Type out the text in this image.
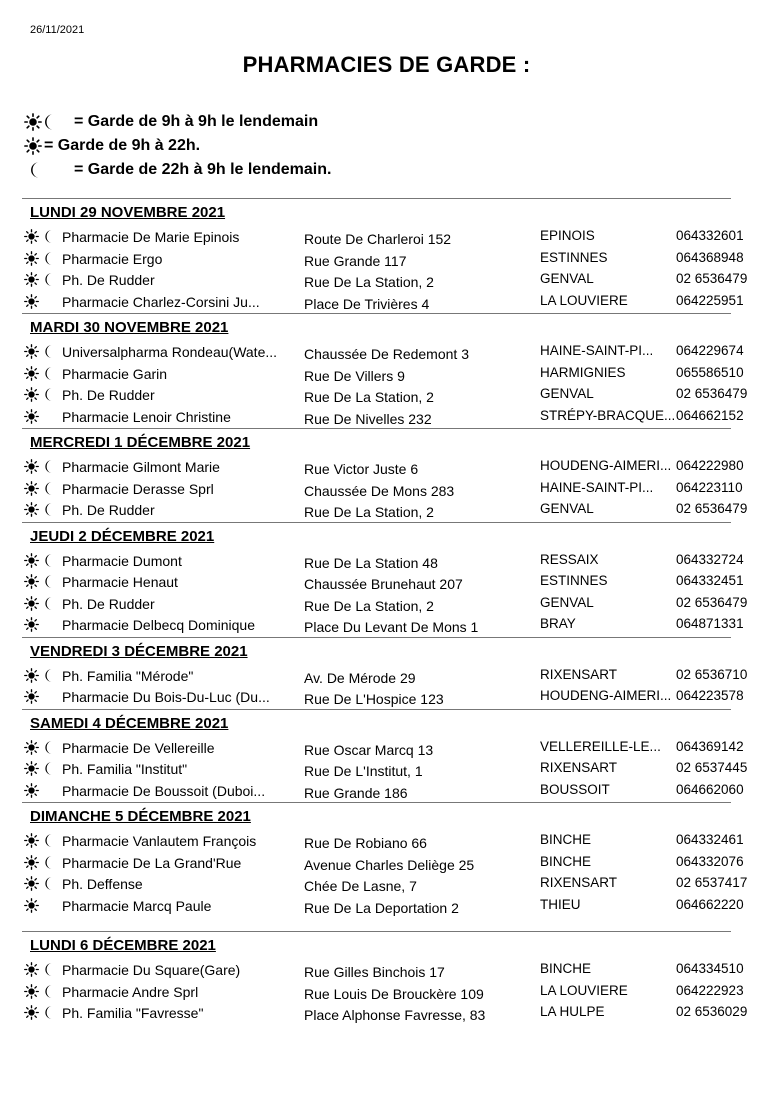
26/11/2021
PHARMACIES DE GARDE :
= Garde de 9h à 9h le lendemain
= Garde de 9h à 22h.
= Garde de 22h à 9h le lendemain.
LUNDI 29 NOVEMBRE 2021
Pharmacie De Marie Epinois	Route De Charleroi 152	EPINOIS	064332601
Pharmacie Ergo	Rue Grande 117	ESTINNES	064368948
Ph. De Rudder	Rue De La Station, 2	GENVAL	02 6536479
Pharmacie Charlez-Corsini Ju...	Place De Trivières 4	LA LOUVIERE	064225951
MARDI 30 NOVEMBRE 2021
Universalpharma Rondeau(Wate...	Chaussée De Redemont 3	HAINE-SAINT-PI...	064229674
Pharmacie Garin	Rue De Villers 9	HARMIGNIES	065586510
Ph. De Rudder	Rue De La Station, 2	GENVAL	02 6536479
Pharmacie Lenoir Christine	Rue De Nivelles 232	STRÉPY-BRACQUE... 064662152
MERCREDI 1 DÉCEMBRE 2021
Pharmacie Gilmont Marie	Rue Victor Juste 6	HOUDENG-AIMERI... 064222980
Pharmacie Derasse Sprl	Chaussée De Mons 283	HAINE-SAINT-PI...	064223110
Ph. De Rudder	Rue De La Station, 2	GENVAL	02 6536479
JEUDI 2 DÉCEMBRE 2021
Pharmacie Dumont	Rue De La Station 48	RESSAIX	064332724
Pharmacie Henaut	Chaussée Brunehaut 207	ESTINNES	064332451
Ph. De Rudder	Rue De La Station, 2	GENVAL	02 6536479
Pharmacie Delbecq Dominique	Place Du Levant De Mons 1	BRAY	064871331
VENDREDI 3 DÉCEMBRE 2021
Ph. Familia "Mérode"	Av. De Mérode 29	RIXENSART	02 6536710
Pharmacie Du Bois-Du-Luc (Du...	Rue De L'Hospice 123	HOUDENG-AIMERI... 064223578
SAMEDI 4 DÉCEMBRE 2021
Pharmacie De Vellereille	Rue Oscar Marcq 13	VELLEREILLE-LE...	064369142
Ph. Familia "Institut"	Rue De L'Institut, 1	RIXENSART	02 6537445
Pharmacie De Boussoit (Duboi...	Rue Grande 186	BOUSSOIT	064662060
DIMANCHE 5 DÉCEMBRE 2021
Pharmacie Vanlautem François	Rue De Robiano 66	BINCHE	064332461
Pharmacie De La Grand'Rue	Avenue Charles Deliège 25	BINCHE	064332076
Ph. Deffense	Chée De Lasne, 7	RIXENSART	02 6537417
Pharmacie Marcq Paule	Rue De La Deportation 2	THIEU	064662220
LUNDI 6 DÉCEMBRE 2021
Pharmacie Du Square(Gare)	Rue Gilles Binchois 17	BINCHE	064334510
Pharmacie Andre Sprl	Rue Louis De Brouckère 109	LA LOUVIERE	064222923
Ph. Familia "Favresse"	Place Alphonse Favresse, 83	LA HULPE	02 6536029
